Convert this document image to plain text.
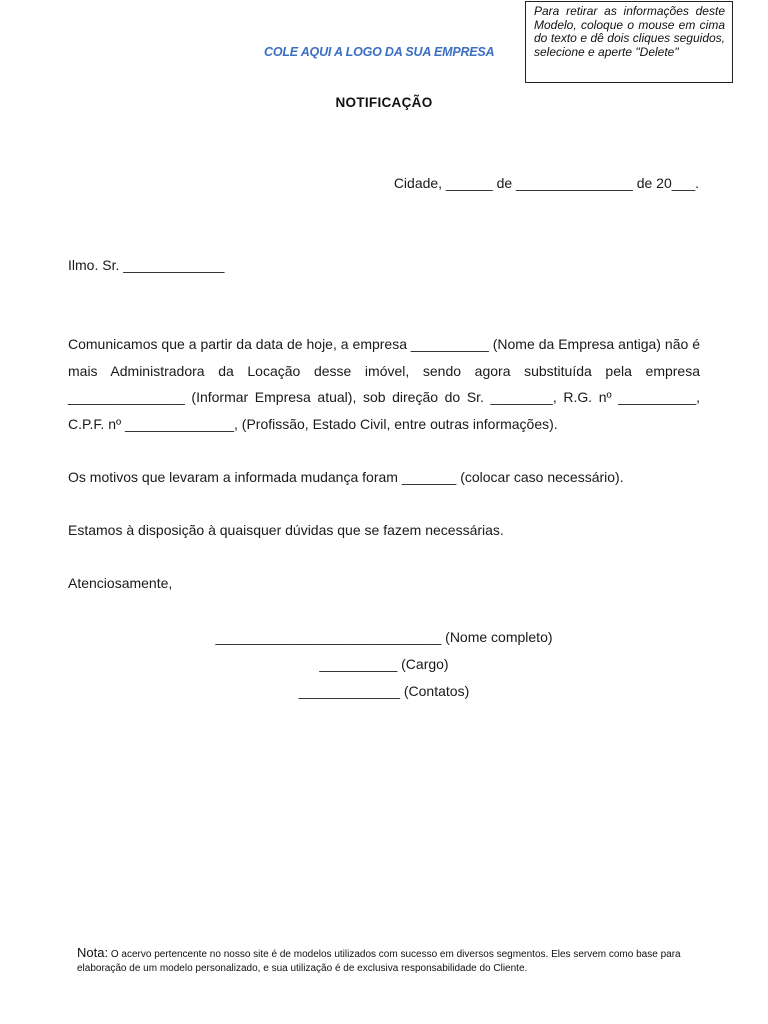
Para retirar as informações deste Modelo, coloque o mouse em cima do texto e dê dois cliques seguidos, selecione e aperte "Delete"
COLE AQUI A LOGO DA SUA EMPRESA
NOTIFICAÇÃO
Cidade, ______ de _______________ de 20___.
Ilmo. Sr. _____________
Comunicamos que a partir da data de hoje, a empresa __________ (Nome da Empresa antiga) não é mais Administradora da Locação desse imóvel, sendo agora substituída pela empresa _______________ (Informar Empresa atual), sob direção do Sr. ________, R.G. nº __________, C.P.F. nº ______________, (Profissão, Estado Civil, entre outras informações).
Os motivos que levaram a informada mudança foram _______ (colocar caso necessário).
Estamos à disposição à quaisquer dúvidas que se fazem necessárias.
Atenciosamente,
_____________________________ (Nome completo)
__________ (Cargo)
_____________ (Contatos)
Nota: O acervo pertencente no nosso site é de modelos utilizados com sucesso em diversos segmentos. Eles servem como base para elaboração de um modelo personalizado, e sua utilização é de exclusiva responsabilidade do Cliente.
